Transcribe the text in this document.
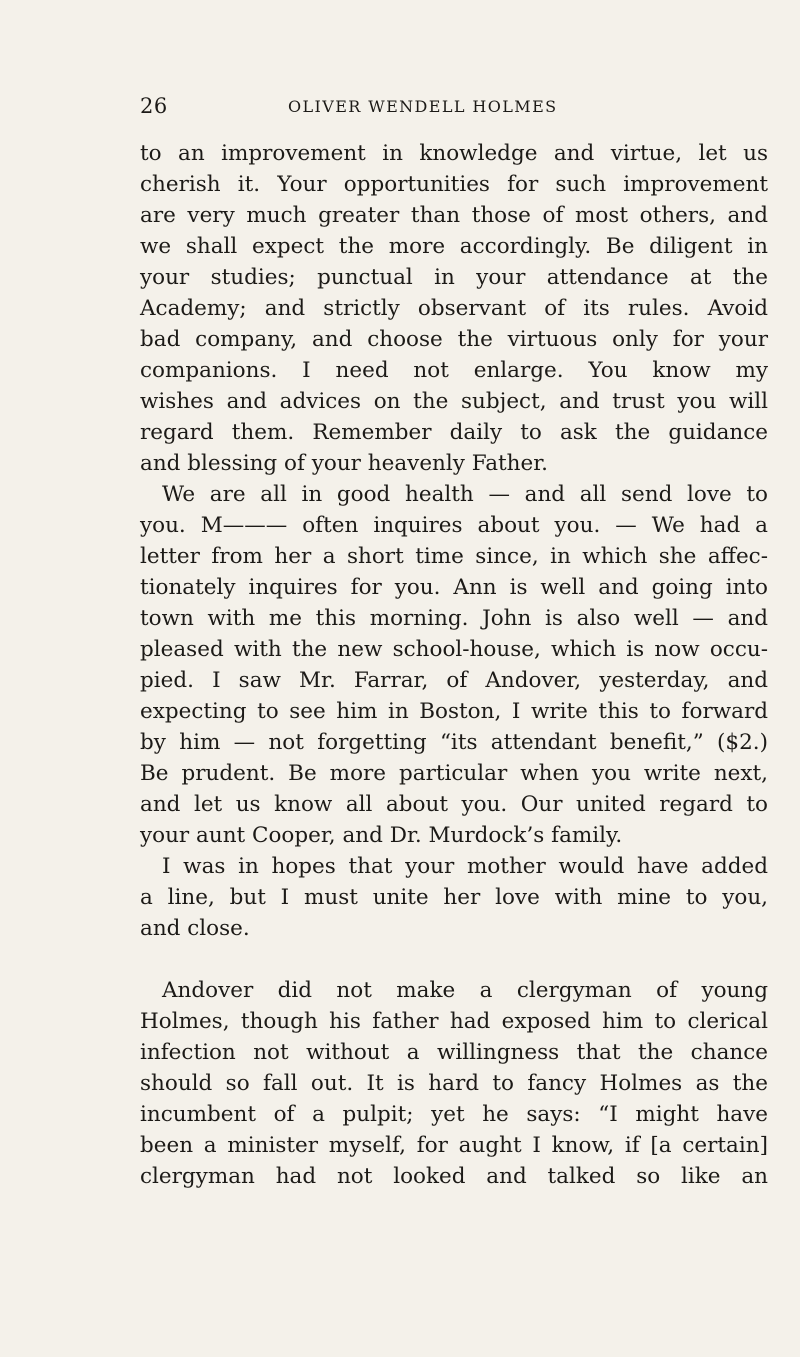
26	OLIVER WENDELL HOLMES
to an improvement in knowledge and virtue, let us
cherish it. Your opportunities for such improvement
are very much greater than those of most others, and
we shall expect the more accordingly. Be diligent in
your studies; punctual in your attendance at the
Academy; and strictly observant of its rules. Avoid
bad company, and choose the virtuous only for your
companions. I need not enlarge. You know my
wishes and advices on the subject, and trust you will
regard them. Remember daily to ask the guidance
and blessing of your heavenly Father.
We are all in good health — and all send love to
you. M——— often inquires about you. — We had a
letter from her a short time since, in which she affec-
tionately inquires for you. Ann is well and going into
town with me this morning. John is also well — and
pleased with the new school-house, which is now occu-
pied. I saw Mr. Farrar, of Andover, yesterday, and
expecting to see him in Boston, I write this to forward
by him — not forgetting “its attendant benefit,” ($2.)
Be prudent. Be more particular when you write next,
and let us know all about you. Our united regard to
your aunt Cooper, and Dr. Murdock’s family.
I was in hopes that your mother would have added
a line, but I must unite her love with mine to you,
and close.
Andover did not make a clergyman of young
Holmes, though his father had exposed him to clerical
infection not without a willingness that the chance
should so fall out. It is hard to fancy Holmes as the
incumbent of a pulpit; yet he says: “I might have
been a minister myself, for aught I know, if [a certain]
clergyman had not looked and talked so like an
